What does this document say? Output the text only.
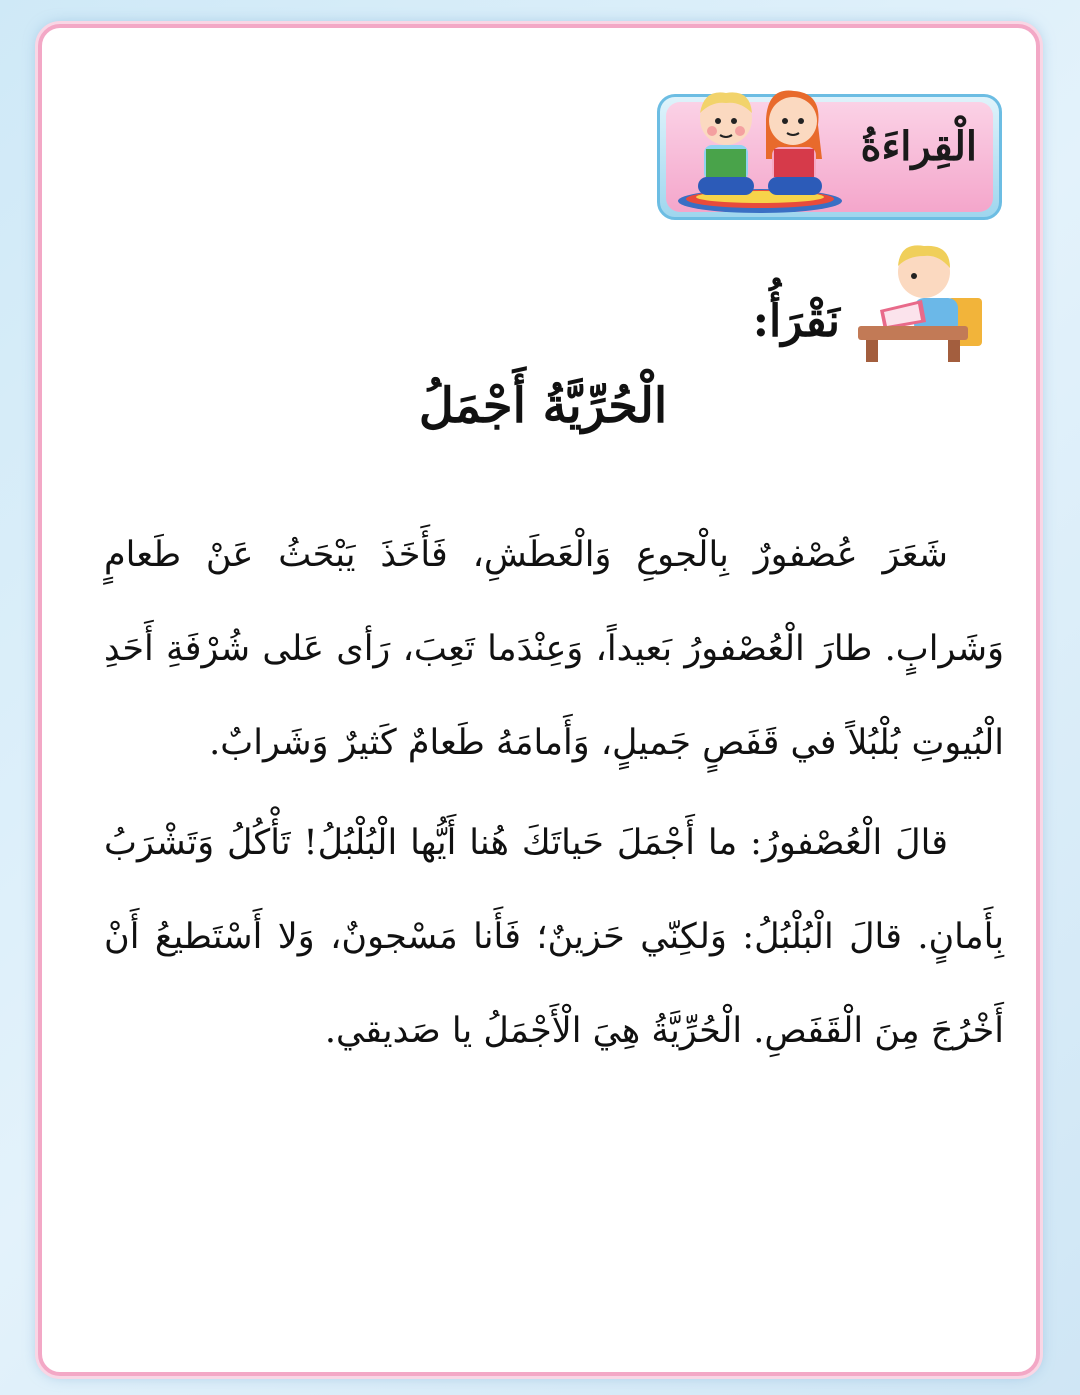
الْقِراءَةُ
نَقْرَأُ:
الْحُرِّيَّةُ أَجْمَلُ

شَعَرَ عُصْفورٌ بِالْجوعِ وَالْعَطَشِ، فَأَخَذَ يَبْحَثُ عَنْ طَعامٍ وَشَرابٍ. طارَ الْعُصْفورُ بَعيداً، وَعِنْدَما تَعِبَ، رَأى عَلى شُرْفَةِ أَحَدِ الْبُيوتِ بُلْبُلاً في قَفَصٍ جَميلٍ، وَأَمامَهُ طَعامٌ كَثيرٌ وَشَرابٌ.

قالَ الْعُصْفورُ: ما أَجْمَلَ حَياتَكَ هُنا أَيُّها الْبُلْبُلُ! تَأْكُلُ وَتَشْرَبُ بِأَمانٍ. قالَ الْبُلْبُلُ: وَلكِنّي حَزينٌ؛ فَأَنا مَسْجونٌ، وَلا أَسْتَطيعُ أَنْ أَخْرُجَ مِنَ الْقَفَصِ. الْحُرِّيَّةُ هِيَ الْأَجْمَلُ يا صَديقي.
